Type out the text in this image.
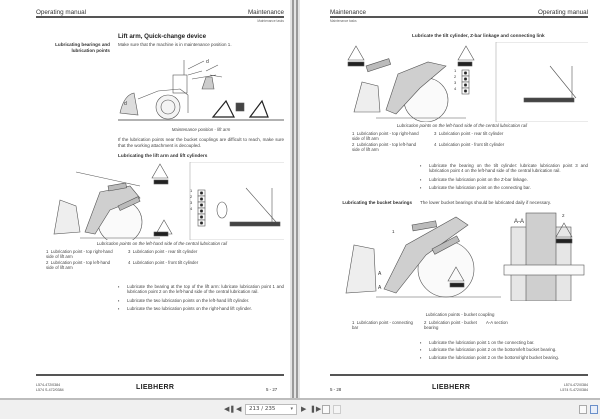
Operating manual	Maintenance
Maintenance tasks
Lift arm, Quick-change device
Lubricating bearings and lubrication points
Make sure that the machine is in maintenance position 1.
d
d
Maintenance position - lift arm
If the lubrication points near the bucket couplings are difficult to reach, make sure that the working attachment is decoupled.
Lubricating the lift arm and lift cylinders
1
2
3
4
Lubrication points on the left-hand side of the central lubrication rail
1 Lubrication point - top right-hand side of lift arm
2 Lubrication point - top left-hand side of lift arm
3 Lubrication point - rear tilt cylinder
4 Lubrication point - front tilt cylinder
▪ Lubricate the bearing at the top of the lift arm: lubricate lubrication point 1 and lubrication point 2 on the left-hand side of the central lubrication rail.
▪ Lubricate the two lubrication points on the left-hand lift cylinder.
▪ Lubricate the two lubrication points on the right-hand lift cylinder.
L574-472/0384
L574 S-472/0384	LIEBHERR	5 - 27
Maintenance	Operating manual
Maintenance tasks
Lubricate the tilt cylinder, Z-bar linkage and connecting link
1
2
3
4
Lubrication points on the left-hand side of the central lubrication rail
1 Lubrication point - top right-hand side of lift arm
2 Lubrication point - top left-hand side of lift arm
3 Lubrication point - rear tilt cylinder
4 Lubrication point - front tilt cylinder
▪ Lubricate the bearing on the tilt cylinder: lubricate lubrication point 3 and lubrication point 4 on the left-hand side of the central lubrication rail.
▪ Lubricate the lubrication point on the Z-bar linkage.
▪ Lubricate the lubrication point on the connecting bar.
Lubricating the bucket bearings The lower bucket bearings should be lubricated daily if necessary.
1
2
A-A
A
A
Lubrication points - bucket coupling
1 Lubrication point - connecting bar
2 Lubrication point - bucket bearing
A-A section
▪ Lubricate the lubrication point 1 on the connecting bar.
▪ Lubricate the lubrication point 2 on the bottom/left bucket bearing.
▪ Lubricate the lubrication point 2 on the bottom/right bucket bearing.
5 - 28	LIEBHERR	L574-472/0384
L574 S-472/0384
◀❚ ◀	213 / 235	▾ ▶ ❚▶
